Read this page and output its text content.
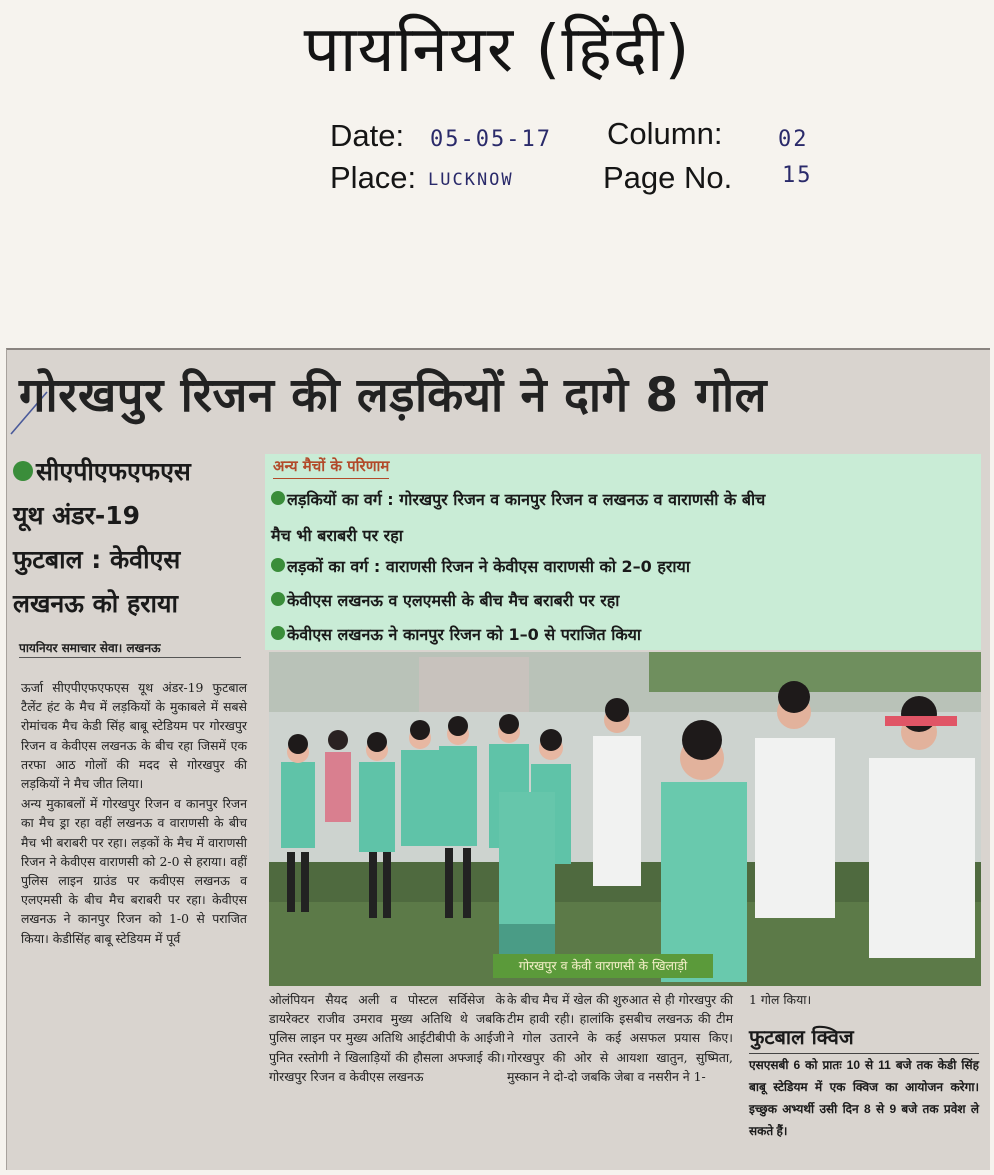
पायनियर (हिंदी)
Date: 05-05-17 Column:	02
Place: LUCKNOW	Page No. 15
गोरखपुर रिजन की लड़कियों ने दागे 8 गोल
सीएपीएफएफएस
यूथ अंडर-19
फुटबाल : केवीएस
लखनऊ को हराया
पायनियर समाचार सेवा। लखनऊ

ऊर्जा सीएपीएफएफएस यूथ अंडर-19 फुटबाल टैलेंट हंट के मैच में लड़कियों के मुकाबले में सबसे रोमांचक मैच केडी सिंह बाबू स्टेडियम पर गोरखपुर रिजन व केवीएस लखनऊ के बीच रहा जिसमें एक तरफा आठ गोलों की मदद से गोरखपुर की लड़कियों ने मैच जीत लिया।

अन्य मुकाबलों में गोरखपुर रिजन व कानपुर रिजन का मैच ड्रा रहा वहीं लखनऊ व वाराणसी के बीच मैच भी बराबरी पर रहा। लड़कों के मैच में वाराणसी रिजन ने केवीएस वाराणसी को 2-0 से हराया। वहीं पुलिस लाइन ग्राउंड पर कवीएस लखनऊ व एलएमसी के बीच मैच बराबरी पर रहा। केवीएस लखनऊ ने कानपुर रिजन को 1-0 से पराजित किया। केडीसिंह बाबू स्टेडियम में पूर्व

अन्य मैचों के परिणाम
लड़कियों का वर्ग : गोरखपुर रिजन व कानपुर रिजन व लखनऊ व वाराणसी के बीच
मैच भी बराबरी पर रहा
लड़कों का वर्ग : वाराणसी रिजन ने केवीएस वाराणसी को 2–0 हराया
केवीएस लखनऊ व एलएमसी के बीच मैच बराबरी पर रहा
केवीएस लखनऊ ने कानपुर रिजन को 1–0 से पराजित किया
गोरखपुर व केवी वाराणसी के खिलाड़ी
ओलंपियन सैयद अली व पोस्टल सर्विसेज के डायरेक्टर राजीव उमराव मुख्य अतिथि थे जबकि पुलिस लाइन पर मुख्य अतिथि आईटीबीपी के आईजी पुनित रस्तोगी ने खिलाड़ियों की हौसला अफ्जाई की। गोरखपुर रिजन व केवीएस लखनऊ
के बीच मैच में खेल की शुरुआत से ही गोरखपुर की टीम हावी रही। हालांकि इसबीच लखनऊ की टीम ने गोल उतारने के कई असफल प्रयास किए। गोरखपुर की ओर से आयशा खातुन, सुष्मिता, मुस्कान ने दो-दो जबकि जेबा व नसरीन ने 1-
1 गोल किया।
फुटबाल क्विज
एसएसबी 6 को प्रातः 10 से 11 बजे तक केडी सिंह बाबू स्टेडियम में एक क्विज का आयोजन करेगा। इच्छुक अभ्यर्थी उसी दिन 8 से 9 बजे तक प्रवेश ले सकते हैं।
